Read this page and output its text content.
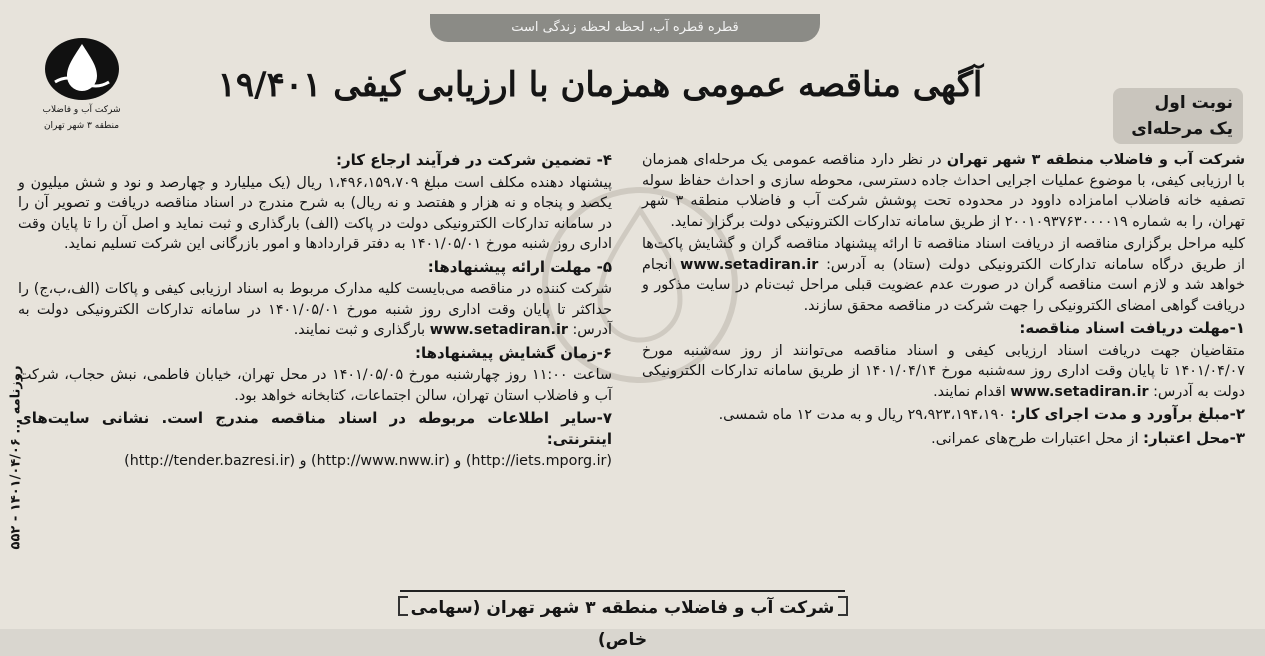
قطره قطره آب، لحظه لحظه زندگی است
شرکت آب و فاضلاب
منطقه ۳ شهر تهران
آگهی مناقصه عمومی همزمان با ارزیابی کیفی ۱۹/۴۰۱	نوبت اول
یک مرحله‌ای

شرکت آب و فاضلاب منطقه ۳ شهر تهران در نظر دارد مناقصه عمومی یک مرحله‌ای همزمان با ارزیابی کیفی، با موضوع عملیات اجرایی احداث جاده دسترسی، محوطه سازی و احداث حفاظ سوله تصفیه خانه فاضلاب امامزاده داوود در محدوده تحت پوشش شرکت آب و فاضلاب منطقه ۳ شهر تهران، را به شماره ۲۰۰۱۰۹۳۷۶۳۰۰۰۰۱۹ از طریق سامانه تدارکات الکترونیکی دولت برگزار نماید.

کلیه مراحل برگزاری مناقصه از دریافت اسناد مناقصه تا ارائه پیشنهاد مناقصه گران و گشایش پاکت‌ها از طریق درگاه سامانه تدارکات الکترونیکی دولت (ستاد) به آدرس: www.setadiran.ir انجام خواهد شد و لازم است مناقصه گران در صورت عدم عضویت قبلی مراحل ثبت‌نام در سایت مذکور و دریافت گواهی امضای الکترونیکی را جهت شرکت در مناقصه محقق سازند.

۱-مهلت دریافت اسناد مناقصه:

متقاضیان جهت دریافت اسناد ارزیابی کیفی و اسناد مناقصه می‌توانند از روز سه‌شنبه مورخ ۱۴۰۱/۰۴/۰۷ تا پایان وقت اداری روز سه‌شنبه مورخ ۱۴۰۱/۰۴/۱۴ از طریق سامانه تدارکات الکترونیکی دولت به آدرس: www.setadiran.ir اقدام نمایند.

۲-مبلغ برآورد و مدت اجرای کار: ۲۹،۹۲۳،۱۹۴،۱۹۰ ریال و به مدت ۱۲ ماه شمسی.

۳-محل اعتبار: از محل اعتبارات طرح‌های عمرانی.

۴- تضمین شرکت در فرآیند ارجاع کار:

پیشنهاد دهنده مکلف است مبلغ ۱،۴۹۶،۱۵۹،۷۰۹ ریال (یک میلیارد و چهارصد و نود و شش میلیون و یکصد و پنجاه و نه هزار و هفتصد و نه ریال) به شرح مندرج در اسناد مناقصه دریافت و تصویر آن را در سامانه تدارکات الکترونیکی دولت در پاکت (الف) بارگذاری و ثبت نماید و اصل آن را تا پایان وقت اداری روز شنبه مورخ ۱۴۰۱/۰۵/۰۱ به دفتر قراردادها و امور بازرگانی این شرکت تسلیم نماید.

۵- مهلت ارائه پیشنهادها:

شرکت کننده در مناقصه می‌بایست کلیه مدارک مربوط به اسناد ارزیابی کیفی و پاکات (الف،ب،ج) را حداکثر تا پایان وقت اداری روز شنبه مورخ ۱۴۰۱/۰۵/۰۱ در سامانه تدارکات الکترونیکی دولت به آدرس: www.setadiran.ir بارگذاری و ثبت نمایند.

۶-زمان گشایش پیشنهادها:

ساعت ۱۱:۰۰ روز چهارشنبه مورخ ۱۴۰۱/۰۵/۰۵ در محل تهران، خیابان فاطمی، نبش حجاب، شرکت آب و فاضلاب استان تهران، سالن اجتماعات، کتابخانه خواهد بود.

۷-سایر اطلاعات مربوطه در اسناد مناقصه مندرج است. نشانی سایت‌های اینترنتی:

(http://iets.mporg.ir) و (http://www.nww.ir) و (http://tender.bazresi.ir)

شرکت آب و فاضلاب منطقه ۳ شهر تهران (سهامی خاص)
روزنامه ... ۱۴۰۱/۰۴/۰۶ - ۵۵۲
